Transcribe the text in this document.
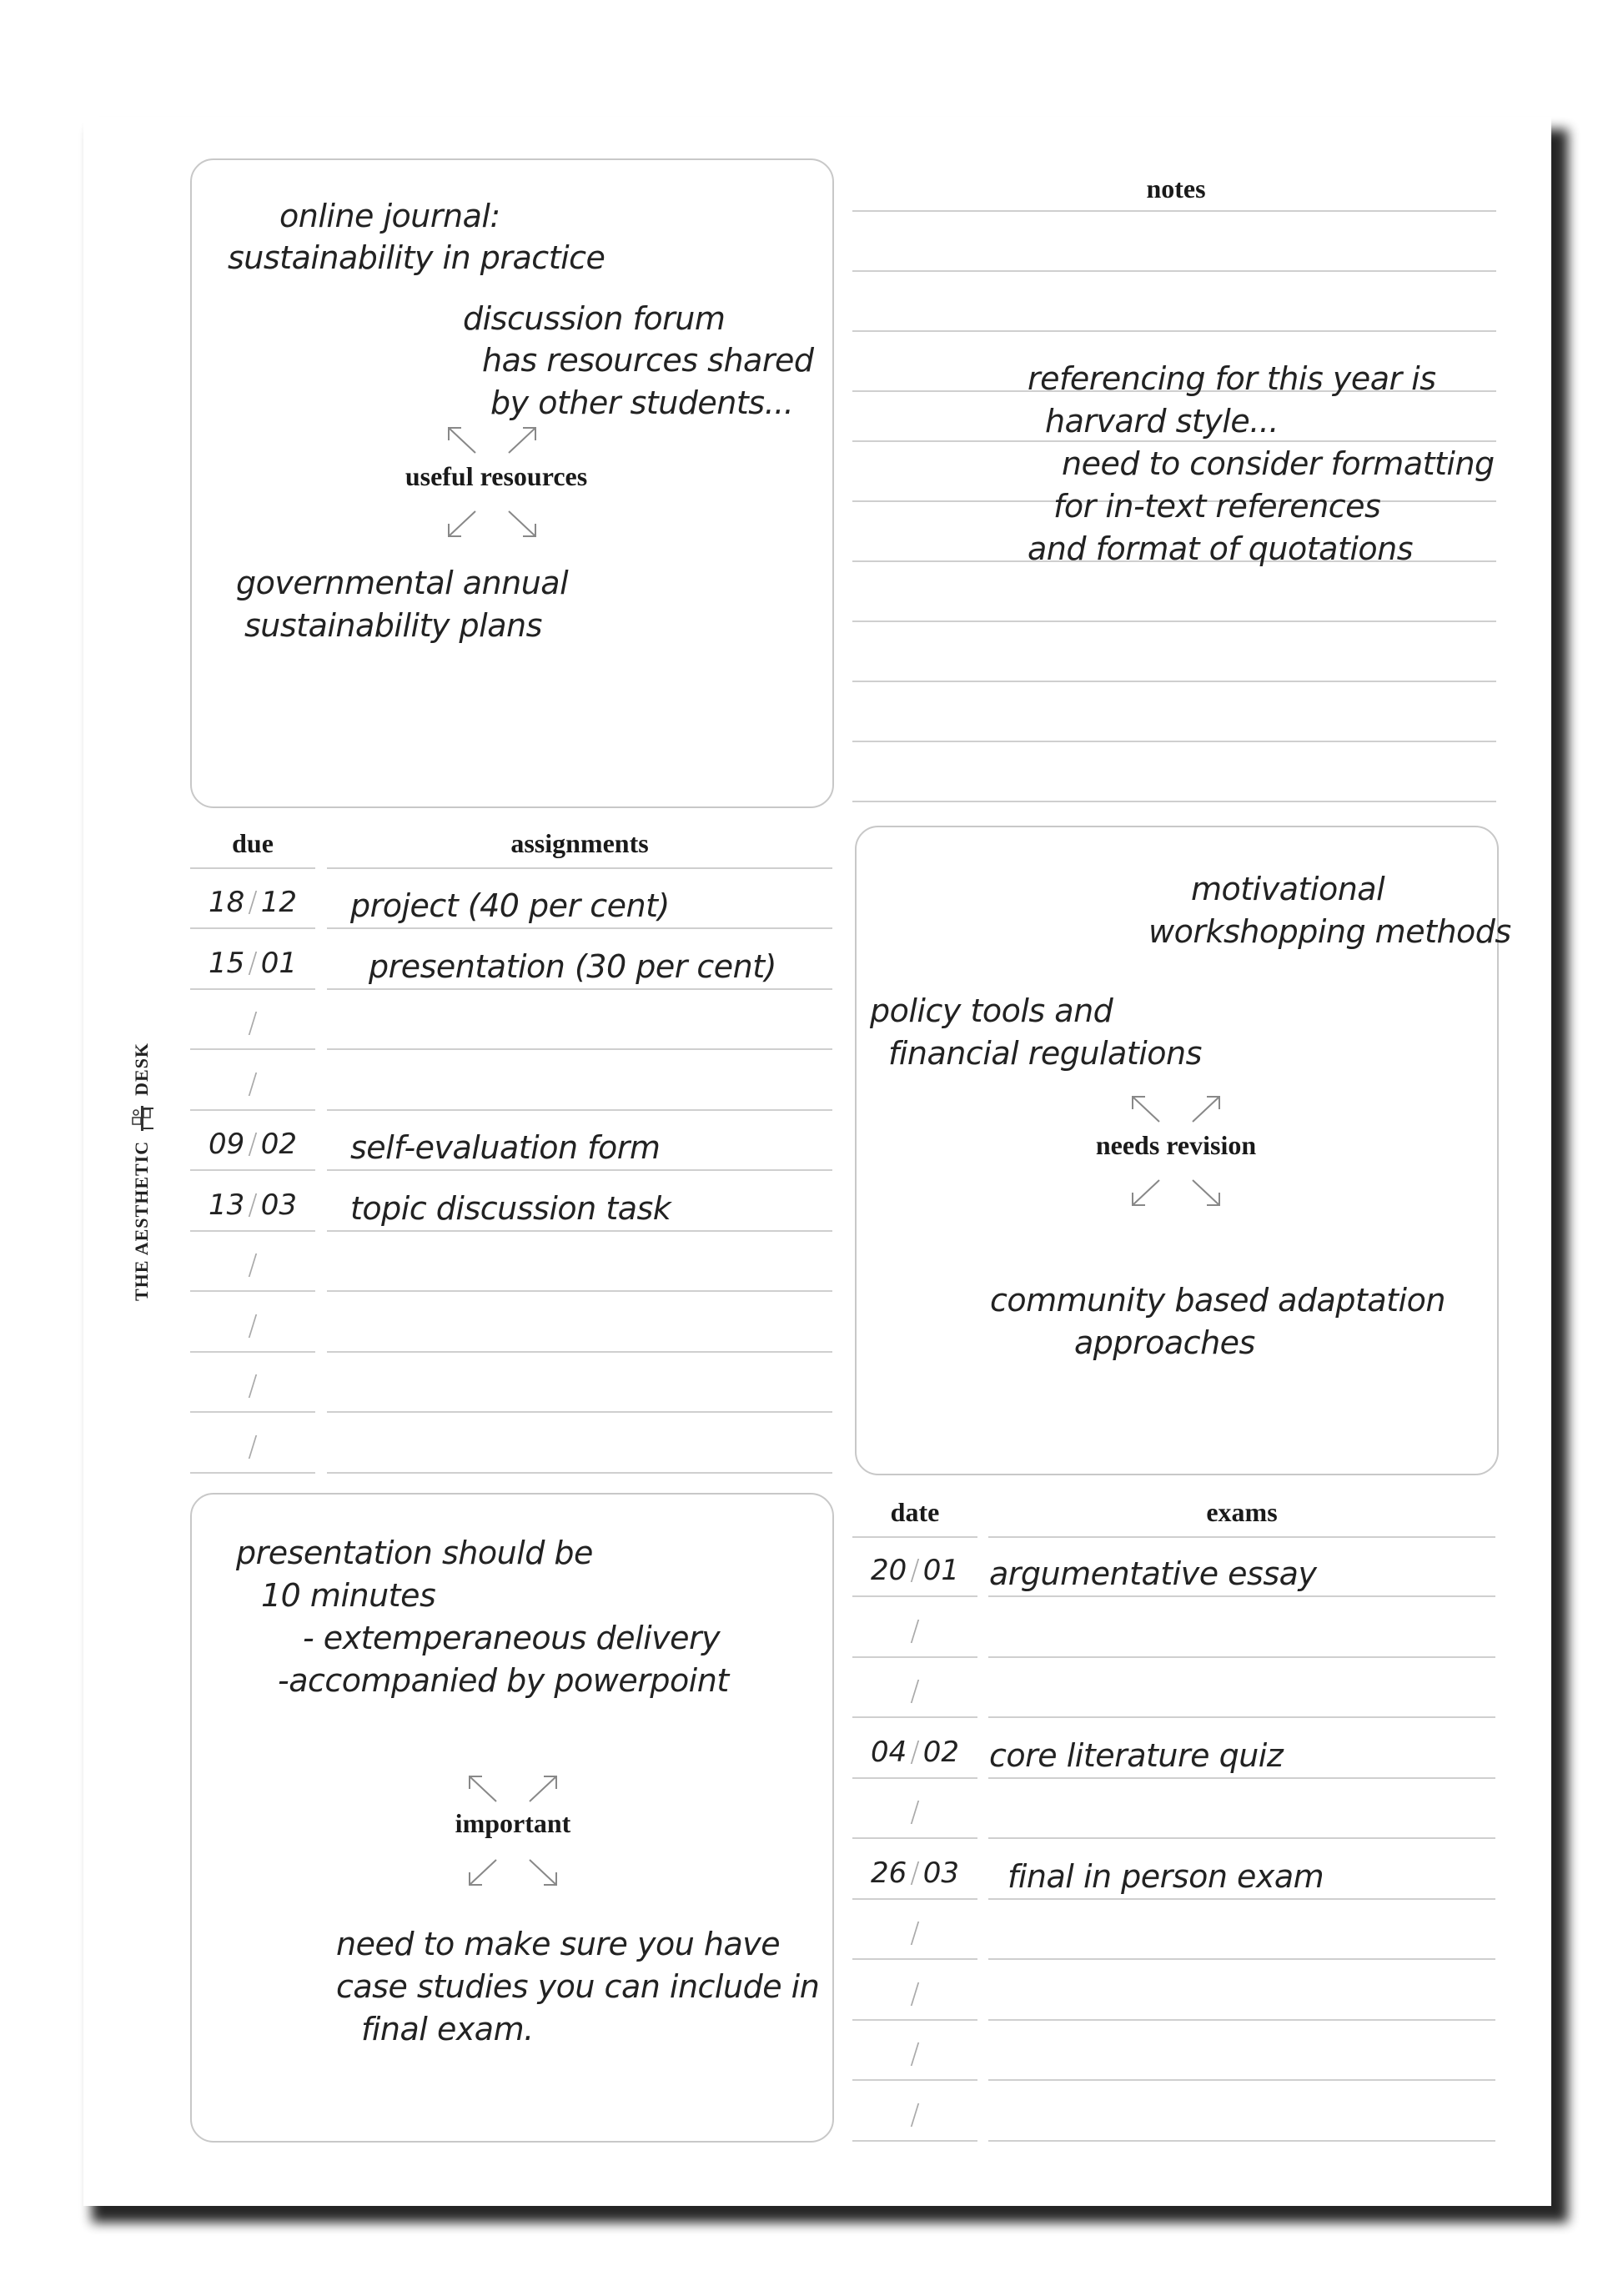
THE AESTHETIC
DESK
online journal:
sustainability in practice
discussion forum
has resources shared
by other students...
useful resources
governmental annual
sustainability plans
notes
referencing for this year is
harvard style...
need to consider formatting
for in-text references
and format of quotations
due	assignments
18 / 12	project (40 per cent)
15 / 01	presentation (30 per cent)
/
/
09 / 02	self-evaluation form
13 / 03	topic discussion task
/
/
/
/
motivational
workshopping methods
policy tools and
financial regulations
needs revision
community based adaptation
approaches
presentation should be
10 minutes
- extemperaneous delivery
-accompanied by powerpoint
important
need to make sure you have
case studies you can include in
final exam.
date	exams
20 / 01 argumentative essay
/
/
04 / 02 core literature quiz
/
26 / 03	final in person exam
/
/
/
/
